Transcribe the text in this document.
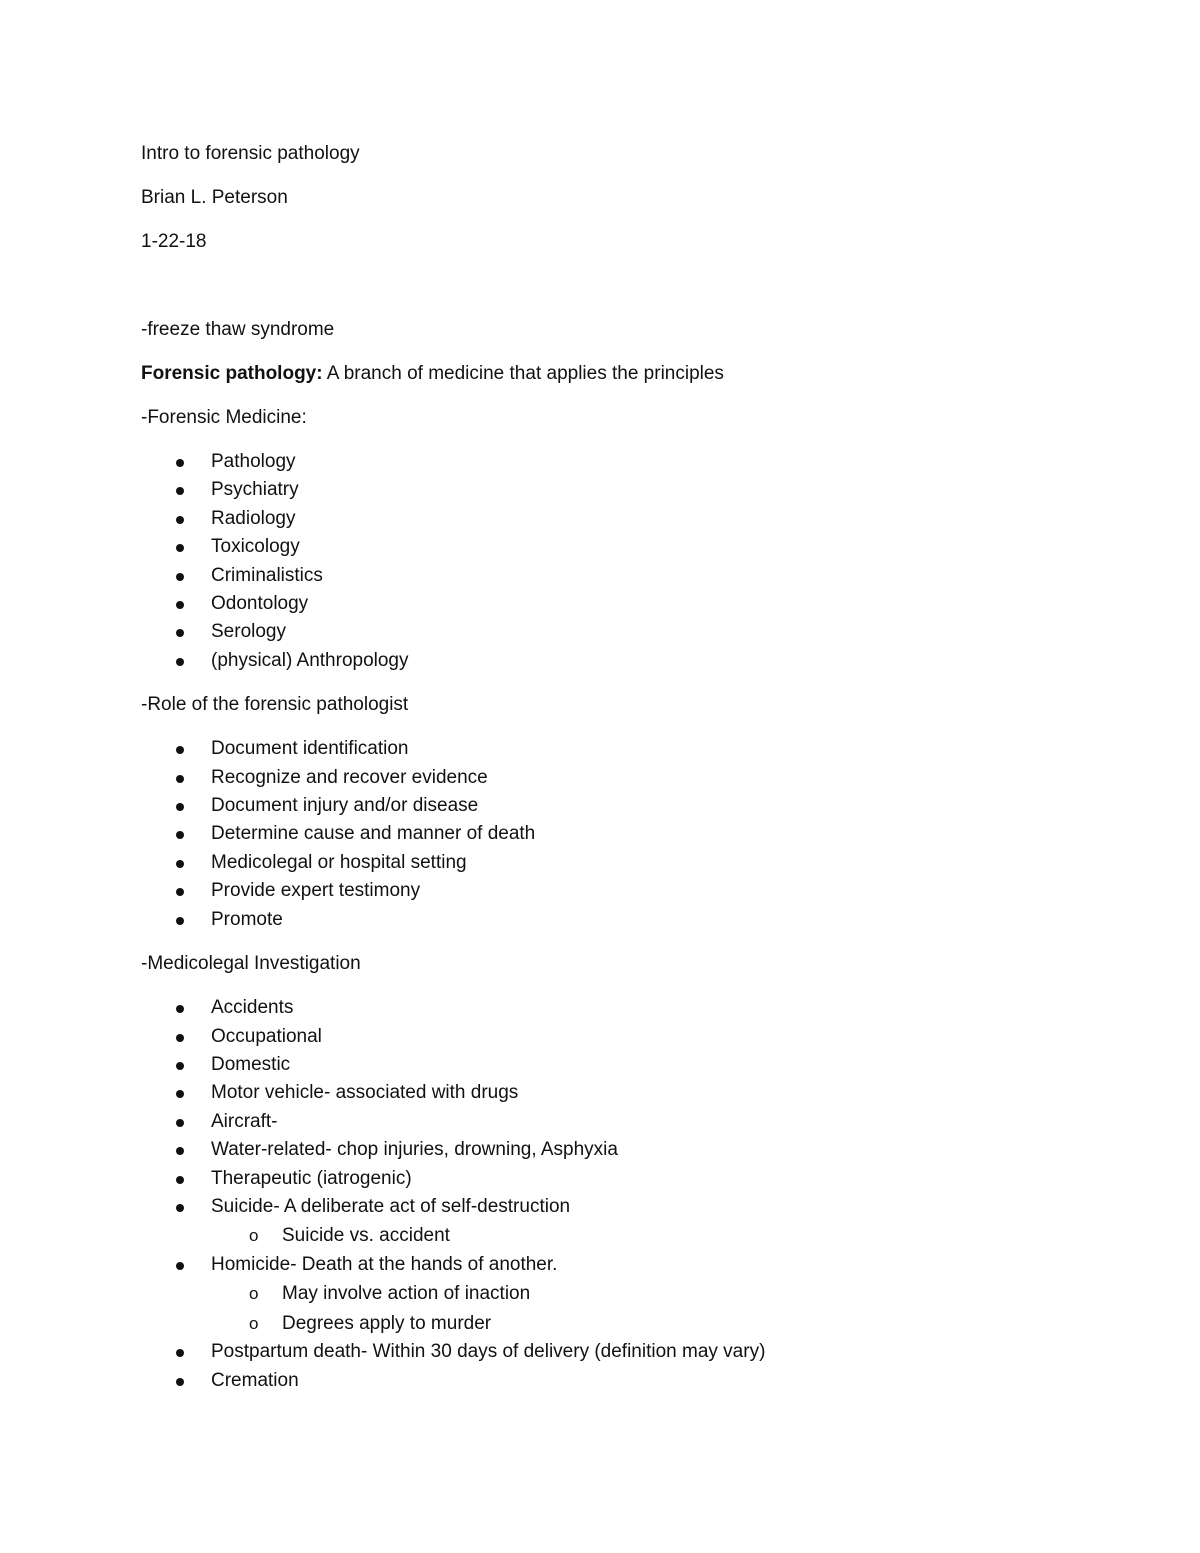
Intro to forensic pathology

Brian L. Peterson

1-22-18

-freeze thaw syndrome

Forensic pathology: A branch of medicine that applies the principles

-Forensic Medicine:

Pathology
Psychiatry
Radiology
Toxicology
Criminalistics
Odontology
Serology
(physical) Anthropology

-Role of the forensic pathologist

Document identification
Recognize and recover evidence
Document injury and/or disease
Determine cause and manner of death
Medicolegal or hospital setting
Provide expert testimony
Promote

-Medicolegal Investigation

Accidents
Occupational
Domestic
Motor vehicle- associated with drugs
Aircraft-
Water-related- chop injuries, drowning, Asphyxia
Therapeutic (iatrogenic)
Suicide- A deliberate act of self-destruction
o Suicide vs. accident
Homicide- Death at the hands of another.
o May involve action of inaction
o Degrees apply to murder
Postpartum death- Within 30 days of delivery (definition may vary)
Cremation
